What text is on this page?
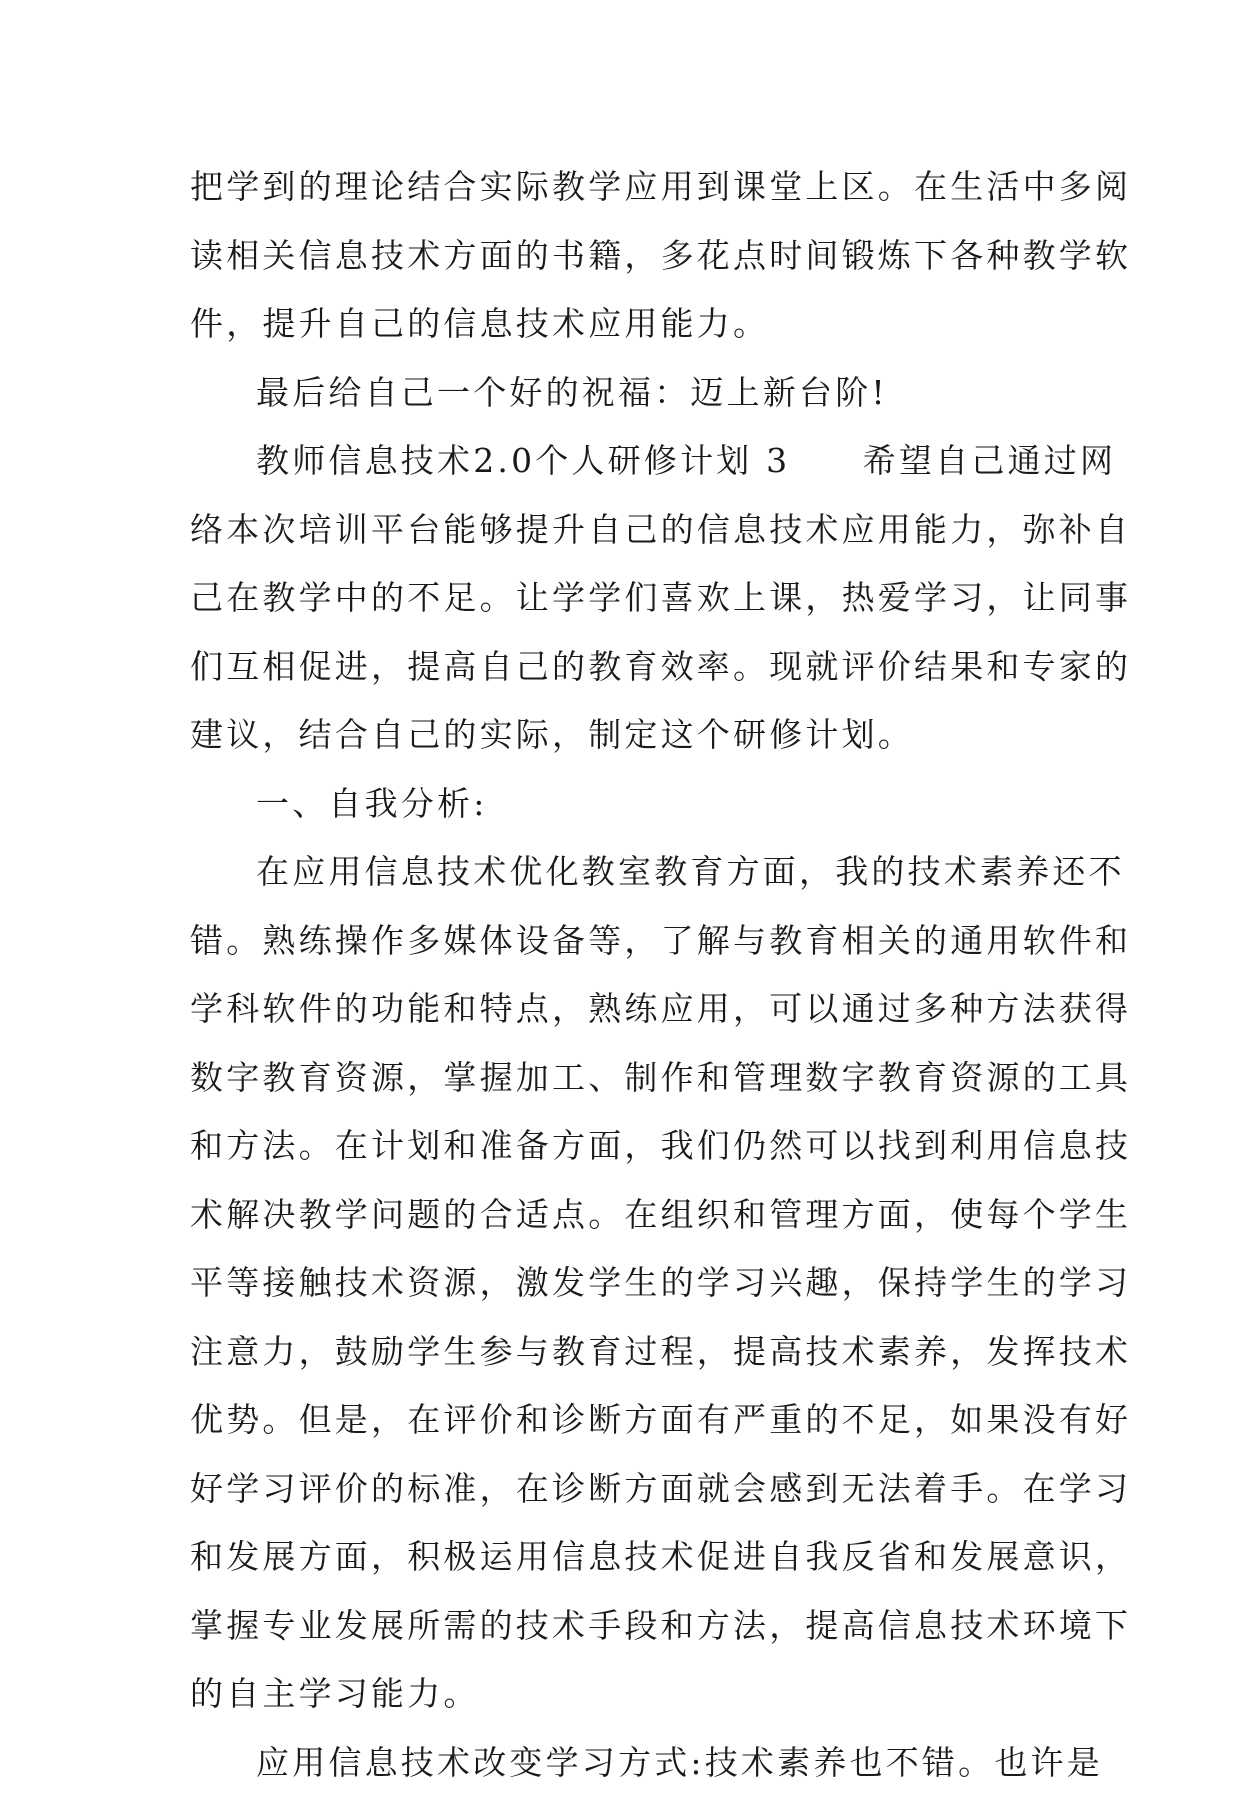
把学到的理论结合实际教学应用到课堂上区。在生活中多阅
读相关信息技术方面的书籍，多花点时间锻炼下各种教学软
件，提升自己的信息技术应用能力。
最后给自己一个好的祝福：迈上新台阶!
教师信息技术2.0个人研修计划 3　　希望自己通过网
络本次培训平台能够提升自己的信息技术应用能力，弥补自
己在教学中的不足。让学学们喜欢上课，热爱学习，让同事
们互相促进，提高自己的教育效率。现就评价结果和专家的
建议，结合自己的实际，制定这个研修计划。
一、自我分析:
在应用信息技术优化教室教育方面，我的技术素养还不
错。熟练操作多媒体设备等，了解与教育相关的通用软件和
学科软件的功能和特点，熟练应用，可以通过多种方法获得
数字教育资源，掌握加工、制作和管理数字教育资源的工具
和方法。在计划和准备方面，我们仍然可以找到利用信息技
术解决教学问题的合适点。在组织和管理方面，使每个学生
平等接触技术资源，激发学生的学习兴趣，保持学生的学习
注意力，鼓励学生参与教育过程，提高技术素养，发挥技术
优势。但是，在评价和诊断方面有严重的不足，如果没有好
好学习评价的标准，在诊断方面就会感到无法着手。在学习
和发展方面，积极运用信息技术促进自我反省和发展意识，
掌握专业发展所需的技术手段和方法，提高信息技术环境下
的自主学习能力。
应用信息技术改变学习方式:技术素养也不错。也许是
